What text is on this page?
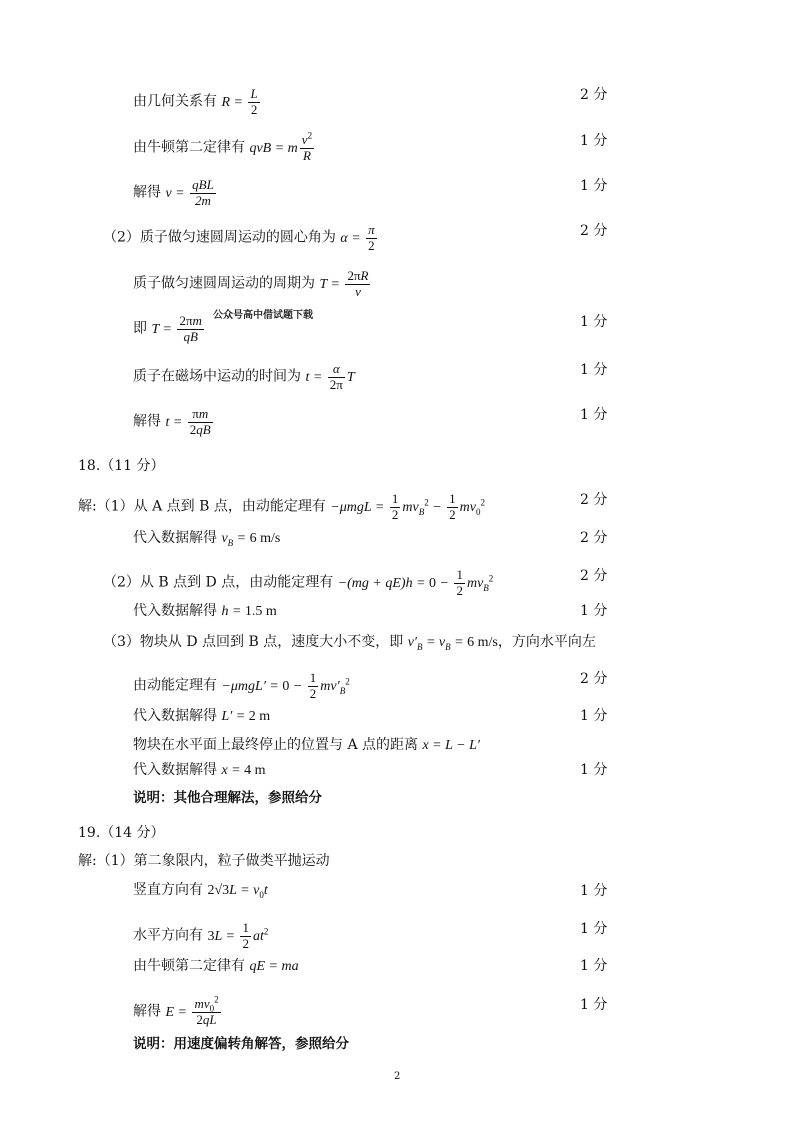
由几何关系有 $R = \frac{L}{2}$	2 分
由牛顿第二定律有 qvB = m $\frac{v^2}{R}$	1 分
解得 $v = \frac{\text{qBL}}{2m}$	1 分
（2）质子做匀速圆周运动的圆心角为 $\alpha = \frac{\pi}{2}$	2 分
质子做匀速圆周运动的周期为 $T = \frac{2\pi R}{v}$
即 $T = \frac{2\pi m}{qB}$ 公众号高中借试题下载	1 分
质子在磁场中运动的时间为 $t = \frac{\alpha}{2\pi}$ T	1 分
解得 $t = \frac{\pi m}{2qB}$	1 分
18.（11 分）
解:（1）从 A 点到 B 点，由动能定理有 $-\mu mgL = \frac{1}{2} mv_B^2 - \frac{1}{2} mv_0^2$	2 分
代入数据解得 $v_B = 6$ m/s	2 分
（2）从 B 点到 D 点，由动能定理有 $-(mg + qE)h = 0 - \frac{1}{2} mv_B^2$	2 分
代入数据解得 h = 1.5 m	1 分
（3）物块从 D 点回到 B 点，速度大小不变，即 $v'_B = v_B = 6$ m/s，方向水平向左
由动能定理有 $-\mu mgL' = 0 - \frac{1}{2} mv'_B^2$	2 分
代入数据解得 L′ = 2 m	1 分
物块在水平面上最终停止的位置与 A 点的距离 x = L − L′
代入数据解得 x = 4 m	1 分
说明：其他合理解法，参照给分
19.（14 分）
解:（1）第二象限内，粒子做类平抛运动
竖直方向有 $2√3L = v_0t$	1 分
水平方向有 $3L = \frac{1}{2} at^2$	1 分
由牛顿第二定律有 qE = ma	1 分
解得 $E = \frac{mv_0^2}{2qL}$	1 分
说明：用速度偏转角解答，参照给分
2
